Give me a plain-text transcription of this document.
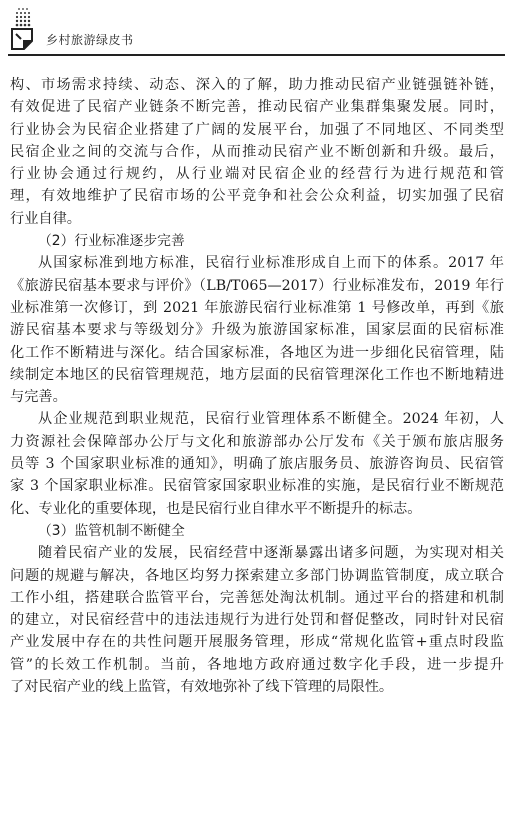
乡村旅游绿皮书
构、市场需求持续、动态、深入的了解，助力推动民宿产业链强链补链，
有效促进了民宿产业链条不断完善，推动民宿产业集群集聚发展。同时，
行业协会为民宿企业搭建了广阔的发展平台，加强了不同地区、不同类型
民宿企业之间的交流与合作，从而推动民宿产业不断创新和升级。最后，
行业协会通过行规约，从行业端对民宿企业的经营行为进行规范和管
理，有效地维护了民宿市场的公平竞争和社会公众利益，切实加强了民宿
行业自律。
（2）行业标准逐步完善
从国家标准到地方标准，民宿行业标准形成自上而下的体系。2017 年
《旅游民宿基本要求与评价》（LB/T065—2017）行业标准发布，2019 年行
业标准第一次修订，到 2021 年旅游民宿行业标准第 1 号修改单，再到《旅
游民宿基本要求与等级划分》升级为旅游国家标准，国家层面的民宿标准
化工作不断精进与深化。结合国家标准，各地区为进一步细化民宿管理，陆
续制定本地区的民宿管理规范，地方层面的民宿管理深化工作也不断地精进
与完善。
从企业规范到职业规范，民宿行业管理体系不断健全。2024 年初，人
力资源社会保障部办公厅与文化和旅游部办公厅发布《关于颁布旅店服务
员等 3 个国家职业标准的通知》，明确了旅店服务员、旅游咨询员、民宿管
家 3 个国家职业标准。民宿管家国家职业标准的实施，是民宿行业不断规范
化、专业化的重要体现，也是民宿行业自律水平不断提升的标志。
（3）监管机制不断健全
随着民宿产业的发展，民宿经营中逐渐暴露出诸多问题，为实现对相关
问题的规避与解决，各地区均努力探索建立多部门协调监管制度，成立联合
工作小组，搭建联合监管平台，完善惩处淘汰机制。通过平台的搭建和机制
的建立，对民宿经营中的违法违规行为进行处罚和督促整改，同时针对民宿
产业发展中存在的共性问题开展服务管理，形成“常规化监管+重点时段监
管”的长效工作机制。当前，各地地方政府通过数字化手段，进一步提升
了对民宿产业的线上监管，有效地弥补了线下管理的局限性。
